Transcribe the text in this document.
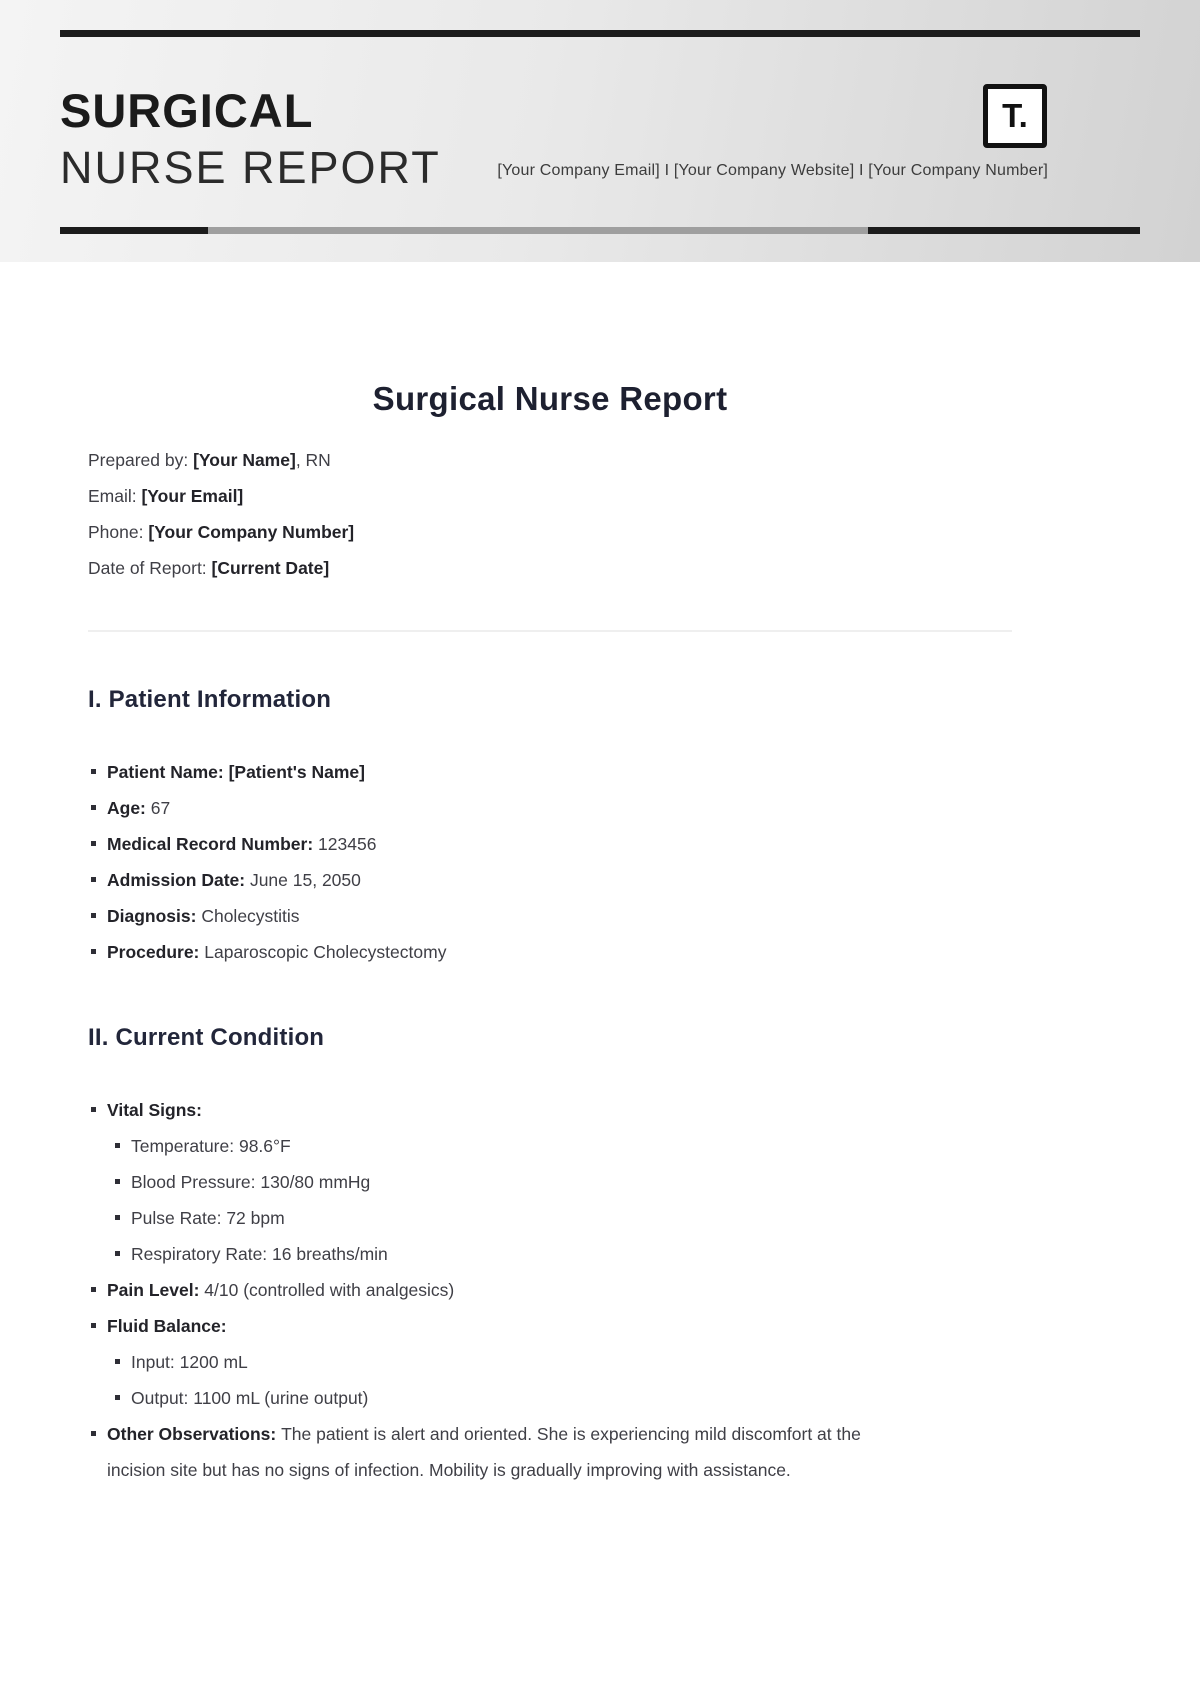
SURGICAL
NURSE REPORT	[Your Company Email] I [Your Company Website] I [Your Company Number]
T.
Surgical Nurse Report
Prepared by: [Your Name], RN
Email: [Your Email]
Phone: [Your Company Number]
Date of Report: [Current Date]
I. Patient Information
Patient Name: [Patient's Name]
Age: 67
Medical Record Number: 123456
Admission Date: June 15, 2050
Diagnosis: Cholecystitis
Procedure: Laparoscopic Cholecystectomy
II. Current Condition
Vital Signs:
Temperature: 98.6°F
Blood Pressure: 130/80 mmHg
Pulse Rate: 72 bpm
Respiratory Rate: 16 breaths/min
Pain Level: 4/10 (controlled with analgesics)
Fluid Balance:
Input: 1200 mL
Output: 1100 mL (urine output)
Other Observations: The patient is alert and oriented. She is experiencing mild discomfort at the incision site but has no signs of infection. Mobility is gradually improving with assistance.
